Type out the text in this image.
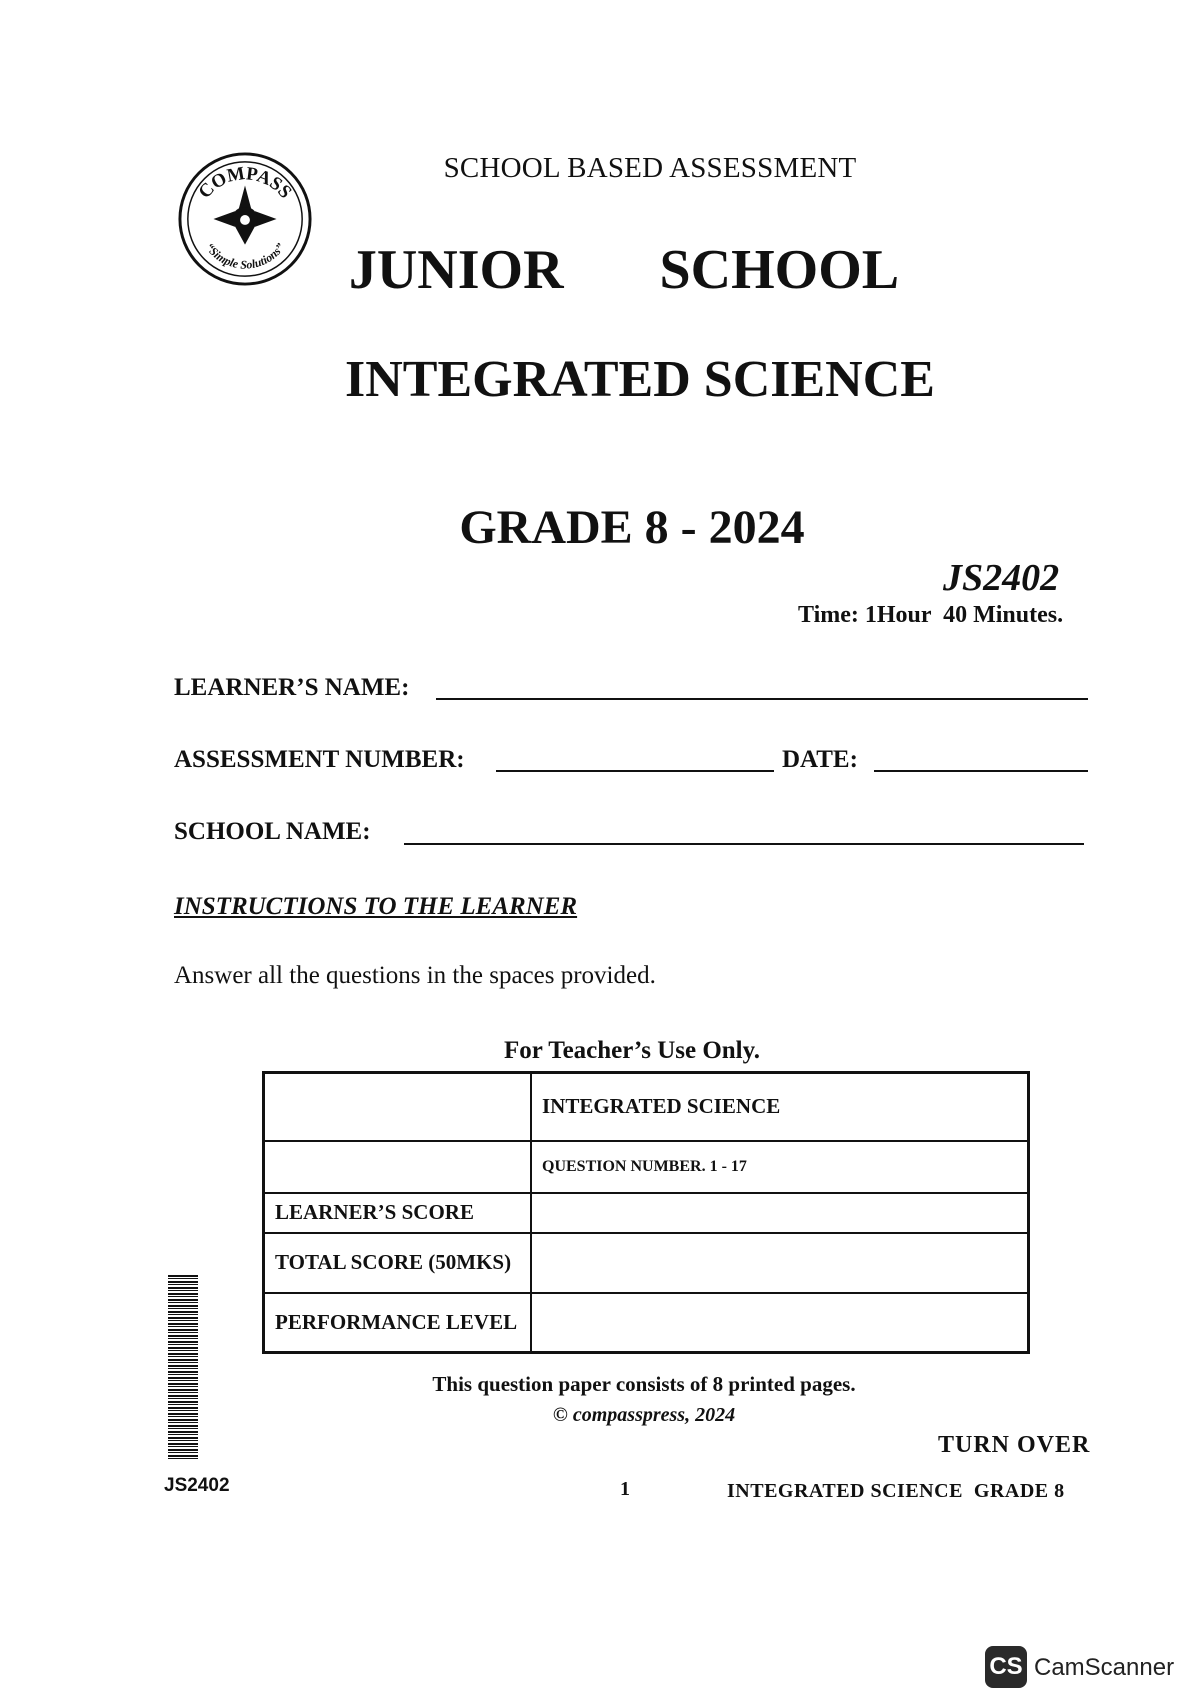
COMPASS
“Simple Solutions”
SCHOOL BASED ASSESSMENT
JUNIOR   SCHOOL
INTEGRATED SCIENCE
GRADE 8 - 2024
JS2402
Time: 1Hour  40 Minutes.
LEARNER’S NAME:
ASSESSMENT NUMBER:	DATE:
SCHOOL NAME:
INSTRUCTIONS TO THE LEARNER
Answer all the questions in the spaces provided.
For Teacher’s Use Only.
	INTEGRATED SCIENCE
	QUESTION NUMBER. 1 - 17
LEARNER’S SCORE	
TOTAL SCORE (50MKS)	
PERFORMANCE LEVEL	
This question paper consists of 8 printed pages.
© compasspress, 2024
TURN OVER
JS2402	1	INTEGRATED SCIENCE  GRADE 8
CS CamScanner
